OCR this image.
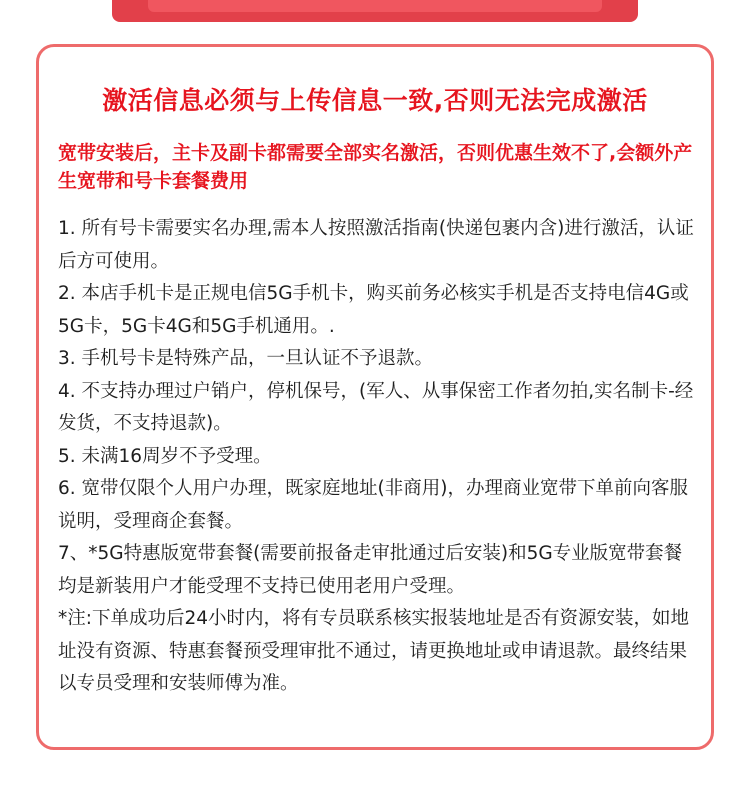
激活信息必须与上传信息一致,否则无法完成激活
宽带安装后，主卡及副卡都需要全部实名激活，否则优惠生效不了,会额外产生宽带和号卡套餐费用
1. 所有号卡需要实名办理,需本人按照激活指南(快递包裹内含)进行激活，认证后方可使用。
2. 本店手机卡是正规电信5G手机卡，购买前务必核实手机是否支持电信4G或5G卡，5G卡4G和5G手机通用。.
3. 手机号卡是特殊产品，一旦认证不予退款。
4. 不支持办理过户销户，停机保号，(军人、从事保密工作者勿拍,实名制卡-经发货，不支持退款)。
5. 未满16周岁不予受理。
6. 宽带仅限个人用户办理，既家庭地址(非商用)，办理商业宽带下单前向客服说明，受理商企套餐。
7、*5G特惠版宽带套餐(需要前报备走审批通过后安装)和5G专业版宽带套餐均是新装用户才能受理不支持已使用老用户受理。
*注:下单成功后24小时内，将有专员联系核实报装地址是否有资源安装，如地址没有资源、特惠套餐预受理审批不通过，请更换地址或申请退款。最终结果以专员受理和安装师傅为准。
